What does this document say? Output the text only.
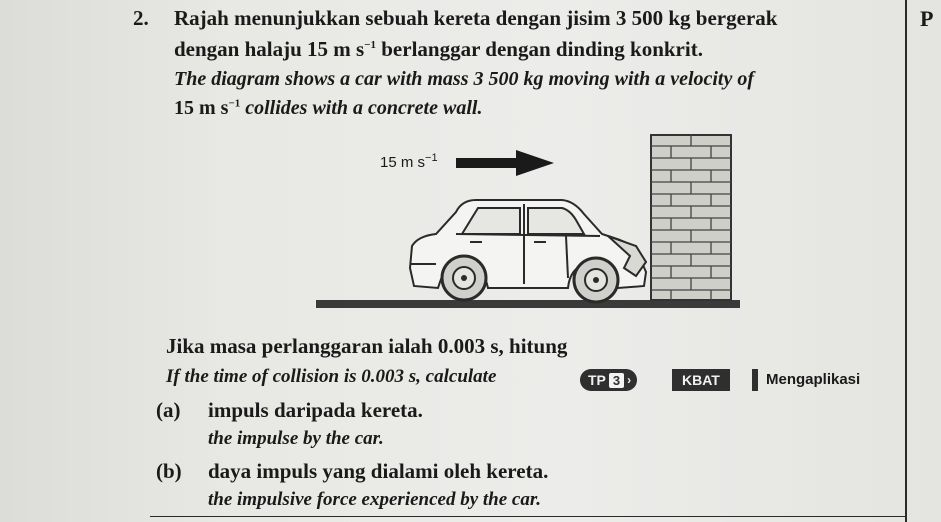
2.	P
Rajah menunjukkan sebuah kereta dengan jisim 3 500 kg bergerak
dengan halaju 15 m $s^{-1}$ berlanggar dengan dinding konkrit.
The diagram shows a car with mass 3 500 kg moving with a velocity of
15 m $s^{-1}$ collides with a concrete wall.
15 m $s^{-1}$
Jika masa perlanggaran ialah 0.003 s, hitung
If the time of collision is 0.003 s, calculate	TP 3 ›	KBAT	Mengaplikasi
(a) impuls daripada kereta.
the impulse by the car.
(b) daya impuls yang dialami oleh kereta.
the impulsive force experienced by the car.
